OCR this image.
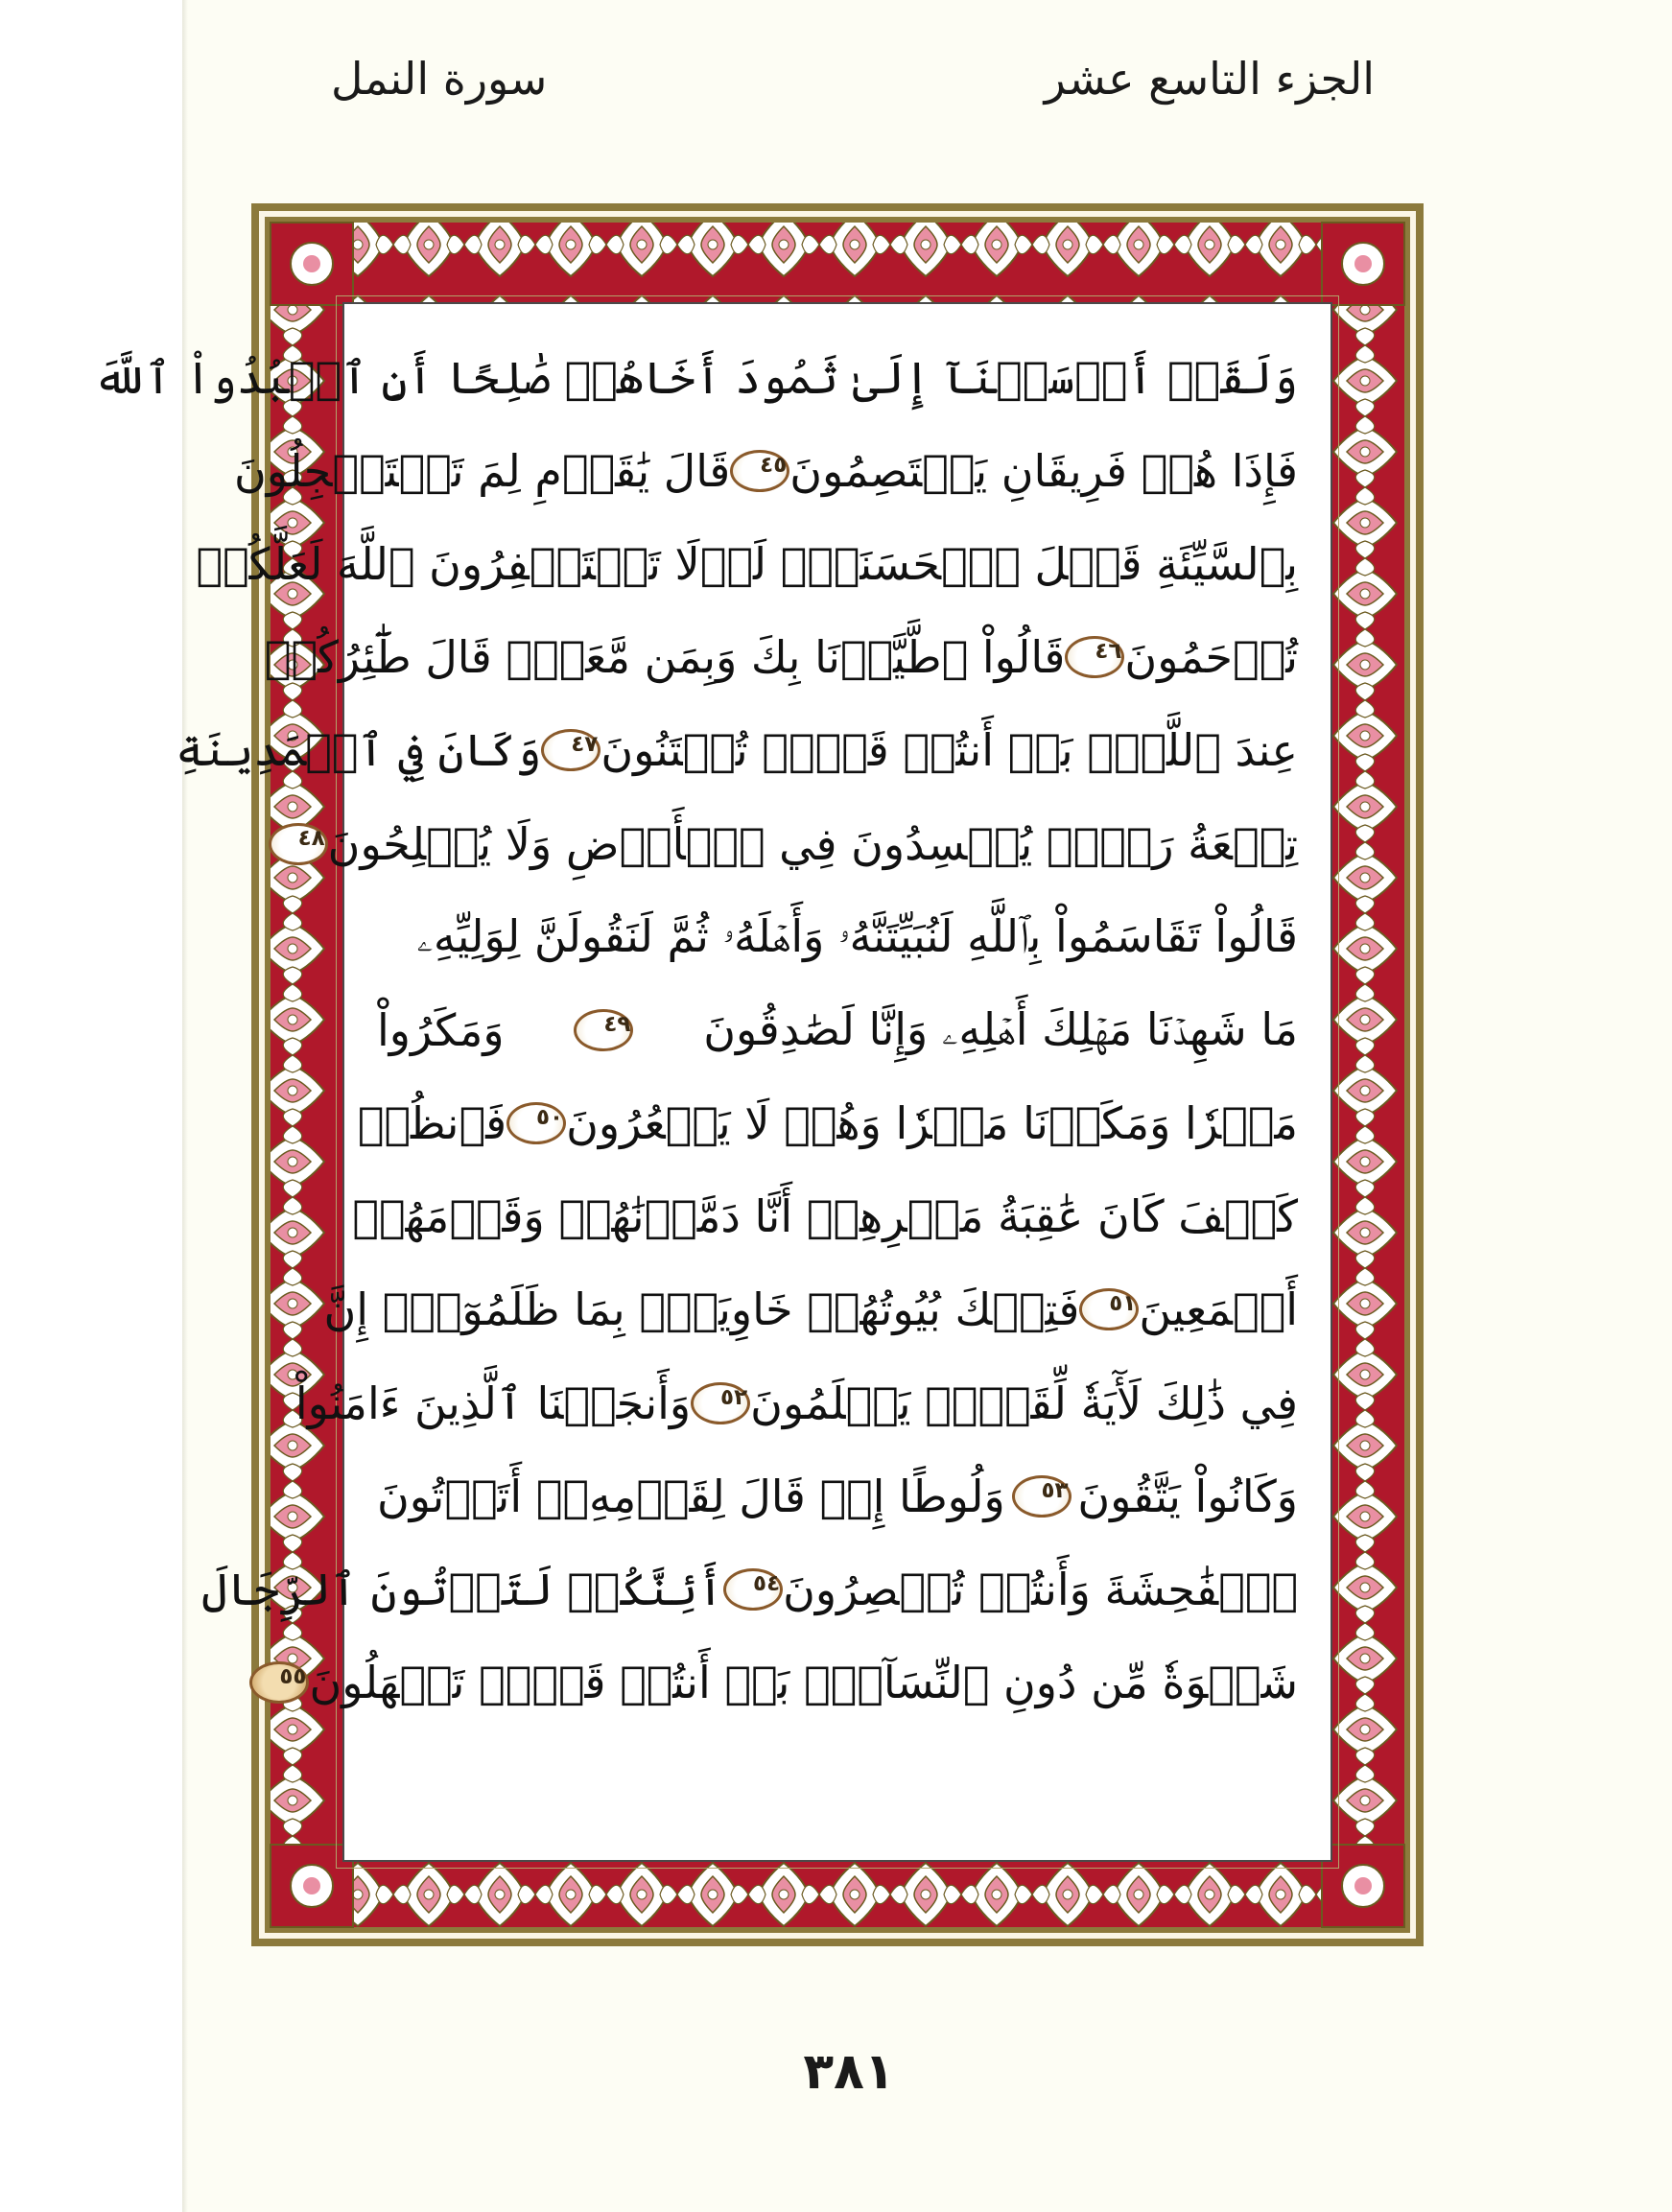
الجزء التاسع عشر
سورة النمل
وَلَقَدۡ أَرۡسَلۡنَآ إِلَىٰ ثَمُودَ أَخَاهُمۡ صَٰلِحًا أَنِ ٱعۡبُدُواْ ٱللَّهَ
فَإِذَا هُمۡ فَرِيقَانِ يَخۡتَصِمُونَ
٤٥
قَالَ يَٰقَوۡمِ لِمَ تَسۡتَعۡجِلُونَ
بِٱلسَّيِّئَةِ قَبۡلَ ٱلۡحَسَنَةِۖ لَوۡلَا تَسۡتَغۡفِرُونَ ٱللَّهَ لَعَلَّكُمۡ
تُرۡحَمُونَ
٤٦
قَالُواْ ٱطَّيَّرۡنَا بِكَ وَبِمَن مَّعَكَۚ قَالَ طَٰٓئِرُكُمۡ
عِندَ ٱللَّهِۖ بَلۡ أَنتُمۡ قَوۡمٞ تُفۡتَنُونَ
٤٧
وَكَانَ فِي ٱلۡمَدِينَةِ
تِسۡعَةُ رَهۡطٖ يُفۡسِدُونَ فِي ٱلۡأَرۡضِ وَلَا يُصۡلِحُونَ
٤٨
قَالُواْ تَقَاسَمُواْ بِٱللَّهِ لَنُبَيِّتَنَّهُۥ وَأَهۡلَهُۥ ثُمَّ لَنَقُولَنَّ لِوَلِيِّهِۦ
مَا شَهِدۡنَا مَهۡلِكَ أَهۡلِهِۦ وَإِنَّا لَصَٰدِقُونَ
٤٩
وَمَكَرُواْ
مَكۡرٗا وَمَكَرۡنَا مَكۡرٗا وَهُمۡ لَا يَشۡعُرُونَ
٥٠
فَٱنظُرۡ
كَيۡفَ كَانَ عَٰقِبَةُ مَكۡرِهِمۡ أَنَّا دَمَّرۡنَٰهُمۡ وَقَوۡمَهُمۡ
أَجۡمَعِينَ
٥١
فَتِلۡكَ بُيُوتُهُمۡ خَاوِيَةَۢ بِمَا ظَلَمُوٓاْۚ إِنَّ
فِي ذَٰلِكَ لَأٓيَةٗ لِّقَوۡمٖ يَعۡلَمُونَ
٥٢
وَأَنجَيۡنَا ٱلَّذِينَ ءَامَنُواْ
وَكَانُواْ يَتَّقُونَ
٥٣
وَلُوطًا إِذۡ قَالَ لِقَوۡمِهِۦٓ أَتَأۡتُونَ
ٱلۡفَٰحِشَةَ وَأَنتُمۡ تُبۡصِرُونَ
٥٤
أَئِنَّكُمۡ لَتَأۡتُونَ ٱلرِّجَالَ
شَهۡوَةٗ مِّن دُونِ ٱلنِّسَآءِۚ بَلۡ أَنتُمۡ قَوۡمٞ تَجۡهَلُونَ
٥٥
٣٨١
